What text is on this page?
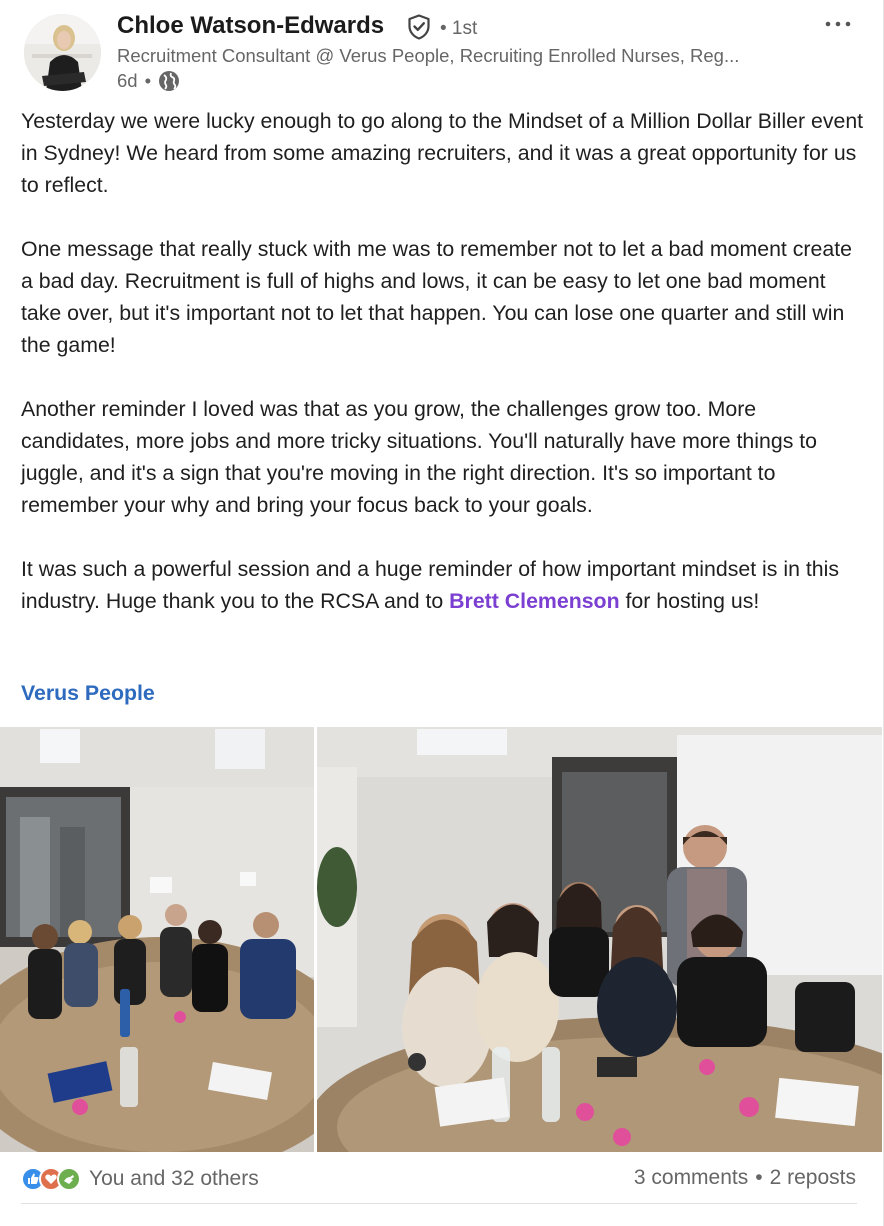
Chloe Watson-Edwards	• 1st
Recruitment Consultant @ Verus People, Recruiting Enrolled Nurses, Reg...
6d •

Yesterday we were lucky enough to go along to the Mindset of a Million Dollar Biller event in Sydney! We heard from some amazing recruiters, and it was a great opportunity for us to reflect.

One message that really stuck with me was to remember not to let a bad moment create a bad day. Recruitment is full of highs and lows, it can be easy to let one bad moment take over, but it's important not to let that happen. You can lose one quarter and still win the game!

Another reminder I loved was that as you grow, the challenges grow too. More candidates, more jobs and more tricky situations. You'll naturally have more things to juggle, and it's a sign that you're moving in the right direction. It's so important to remember your why and bring your focus back to your goals.

It was such a powerful session and a huge reminder of how important mindset is in this industry. Huge thank you to the RCSA and to Brett Clemenson for hosting us!

Verus People
You and 32 others	3 comments • 2 reposts
